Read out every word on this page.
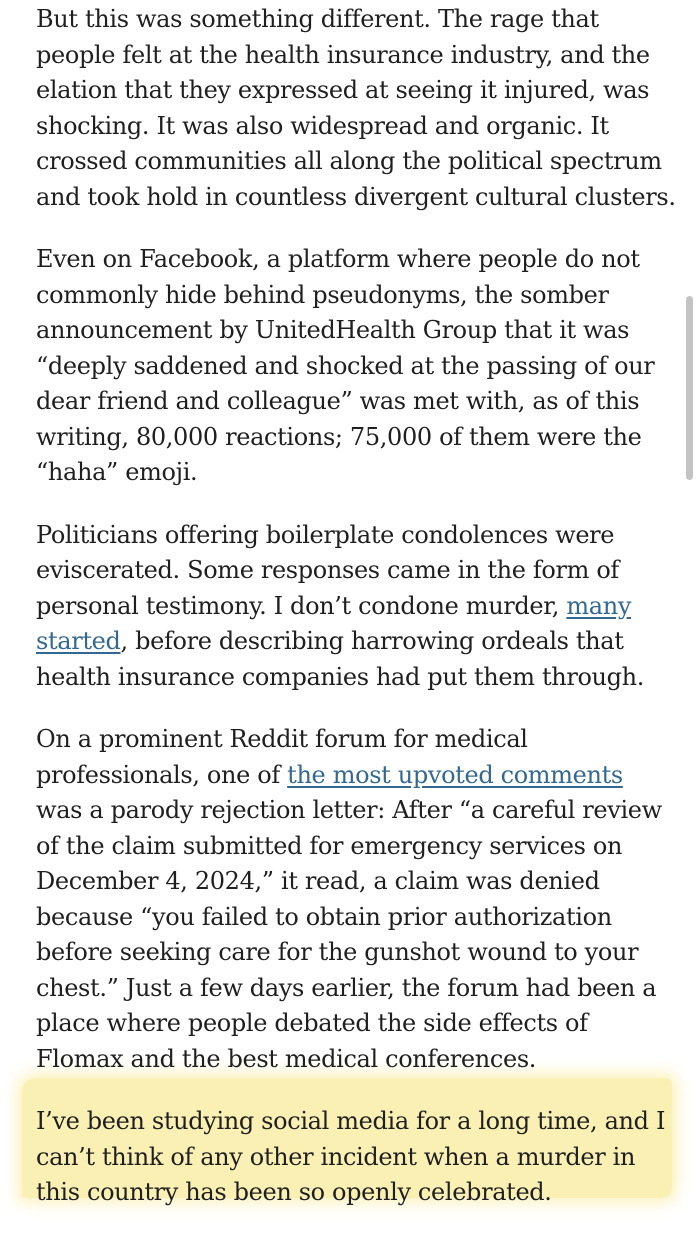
But this was something different. The rage that people felt at the health insurance industry, and the elation that they expressed at seeing it injured, was shocking. It was also widespread and organic. It crossed communities all along the political spectrum and took hold in countless divergent cultural clusters.

Even on Facebook, a platform where people do not commonly hide behind pseudonyms, the somber announcement by UnitedHealth Group that it was “deeply saddened and shocked at the passing of our dear friend and colleague” was met with, as of this writing, 80,000 reactions; 75,000 of them were the “haha” emoji.

Politicians offering boilerplate condolences were eviscerated. Some responses came in the form of personal testimony. I don’t condone murder, many started, before describing harrowing ordeals that health insurance companies had put them through.

On a prominent Reddit forum for medical professionals, one of the most upvoted comments was a parody rejection letter: After “a careful review of the claim submitted for emergency services on December 4, 2024,” it read, a claim was denied because “you failed to obtain prior authorization before seeking care for the gunshot wound to your chest.” Just a few days earlier, the forum had been a place where people debated the side effects of Flomax and the best medical conferences.

I’ve been studying social media for a long time, and I can’t think of any other incident when a murder in this country has been so openly celebrated.
